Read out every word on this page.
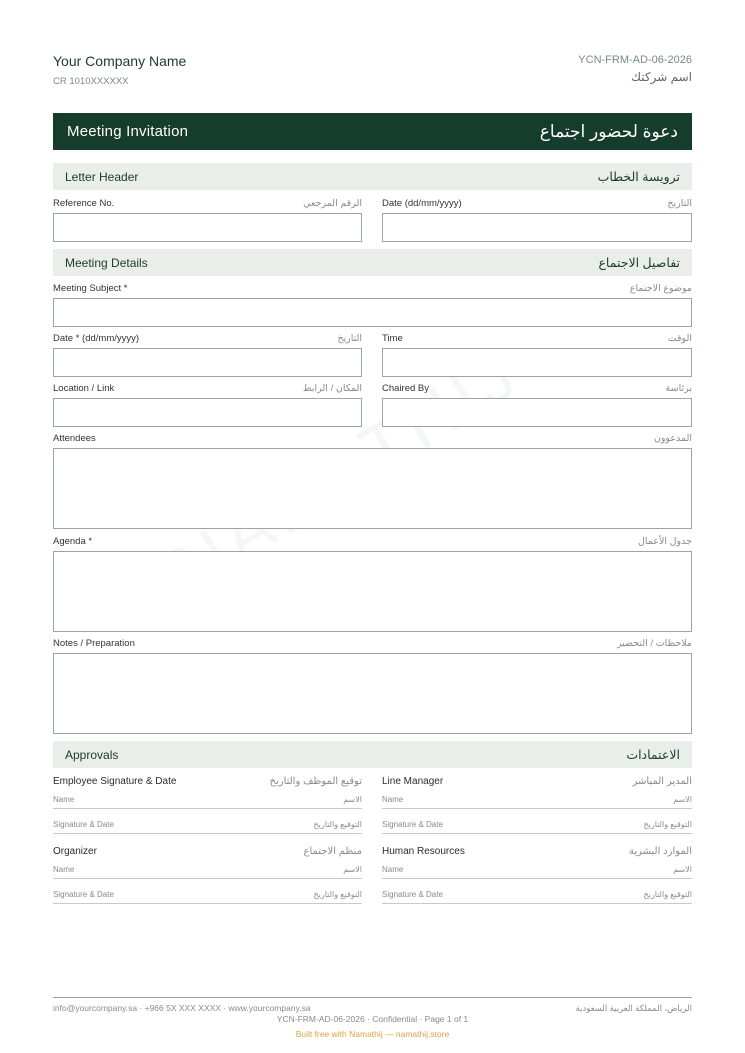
Your Company Name
CR 1010XXXXXX
YCN-FRM-AD-06-2026
اسم شركتك
Meeting Invitation	دعوة لحضور اجتماع
Letter Header	ترويسة الخطاب
Reference No.	الرقم المرجعي Date (dd/mm/yyyy)	التاريخ
Meeting Details	تفاصيل الاجتماع
Meeting Subject *	موضوع الاجتماع
Date * (dd/mm/yyyy)	التاريخ Time	الوقت
Location / Link	المكان / الرابط Chaired By	برئاسة
Attendees	المدعوون
Agenda *	جدول الأعمال
Notes / Preparation	ملاحظات / التحضير
Approvals	الاعتمادات
Employee Signature & Date	توقيع الموظف والتاريخ
Name	الاسم
Signature & Date	التوقيع والتاريخ
Line Manager	المدير المباشر
Name	الاسم
Signature & Date	التوقيع والتاريخ
Organizer	منظم الاجتماع
Name	الاسم
Signature & Date	التوقيع والتاريخ
Human Resources	الموارد البشرية
Name	الاسم
Signature & Date	التوقيع والتاريخ
info@yourcompany.sa · +966 5X XXX XXXX · www.yourcompany.sa	الرياض، المملكة العربية السعودية
YCN-FRM-AD-06-2026 · Confidential · Page 1 of 1
Built free with Namathij — namathij.store
